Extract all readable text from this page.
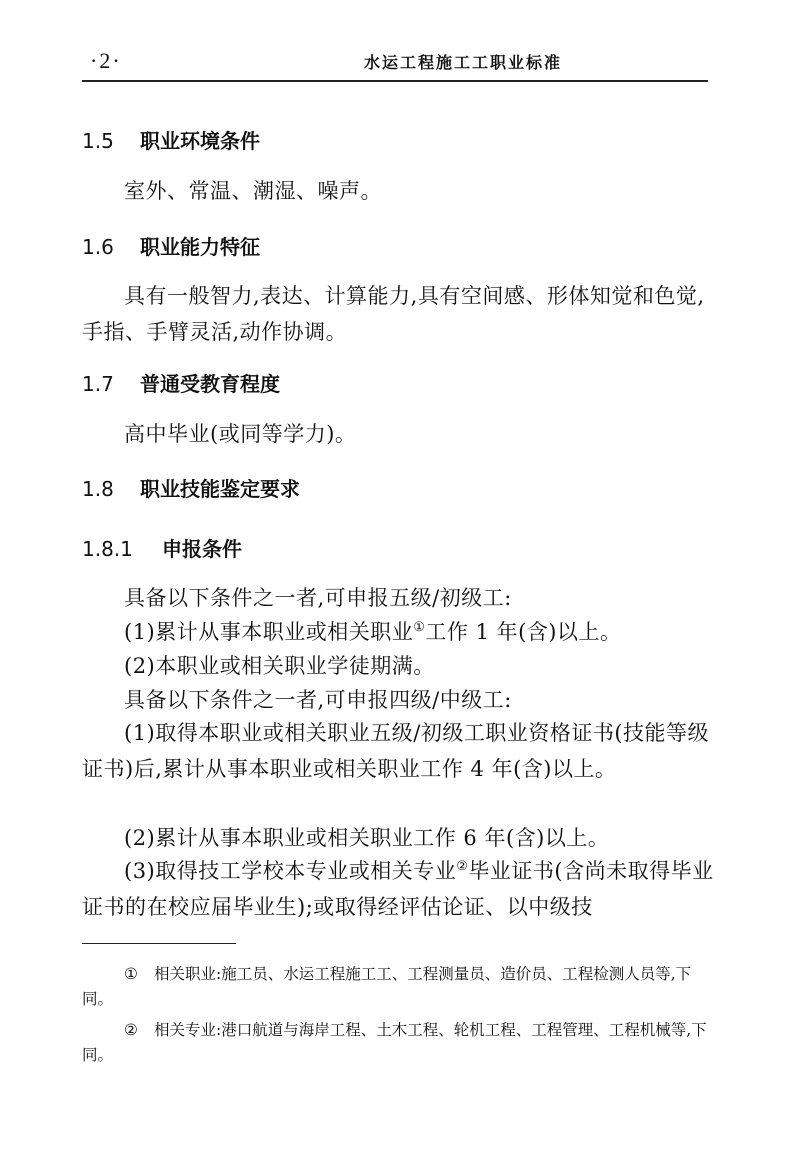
·2·	水运工程施工工职业标准
1.5 职业环境条件

室外、常温、潮湿、噪声。

1.6 职业能力特征

具有一般智力,表达、计算能力,具有空间感、形体知觉和色觉,手指、手臂灵活,动作协调。

1.7 普通受教育程度

高中毕业(或同等学力)。

1.8 职业技能鉴定要求
1.8.1 申报条件

具备以下条件之一者,可申报五级/初级工:

(1)累计从事本职业或相关职业①工作 1 年(含)以上。

(2)本职业或相关职业学徒期满。

具备以下条件之一者,可申报四级/中级工:

(1)取得本职业或相关职业五级/初级工职业资格证书(技能等级证书)后,累计从事本职业或相关职业工作 4 年(含)以上。

(2)累计从事本职业或相关职业工作 6 年(含)以上。

(3)取得技工学校本专业或相关专业②毕业证书(含尚未取得毕业证书的在校应届毕业生);或取得经评估论证、以中级技

① 相关职业:施工员、水运工程施工工、工程测量员、造价员、工程检测人员等,下同。

② 相关专业:港口航道与海岸工程、土木工程、轮机工程、工程管理、工程机械等,下同。
